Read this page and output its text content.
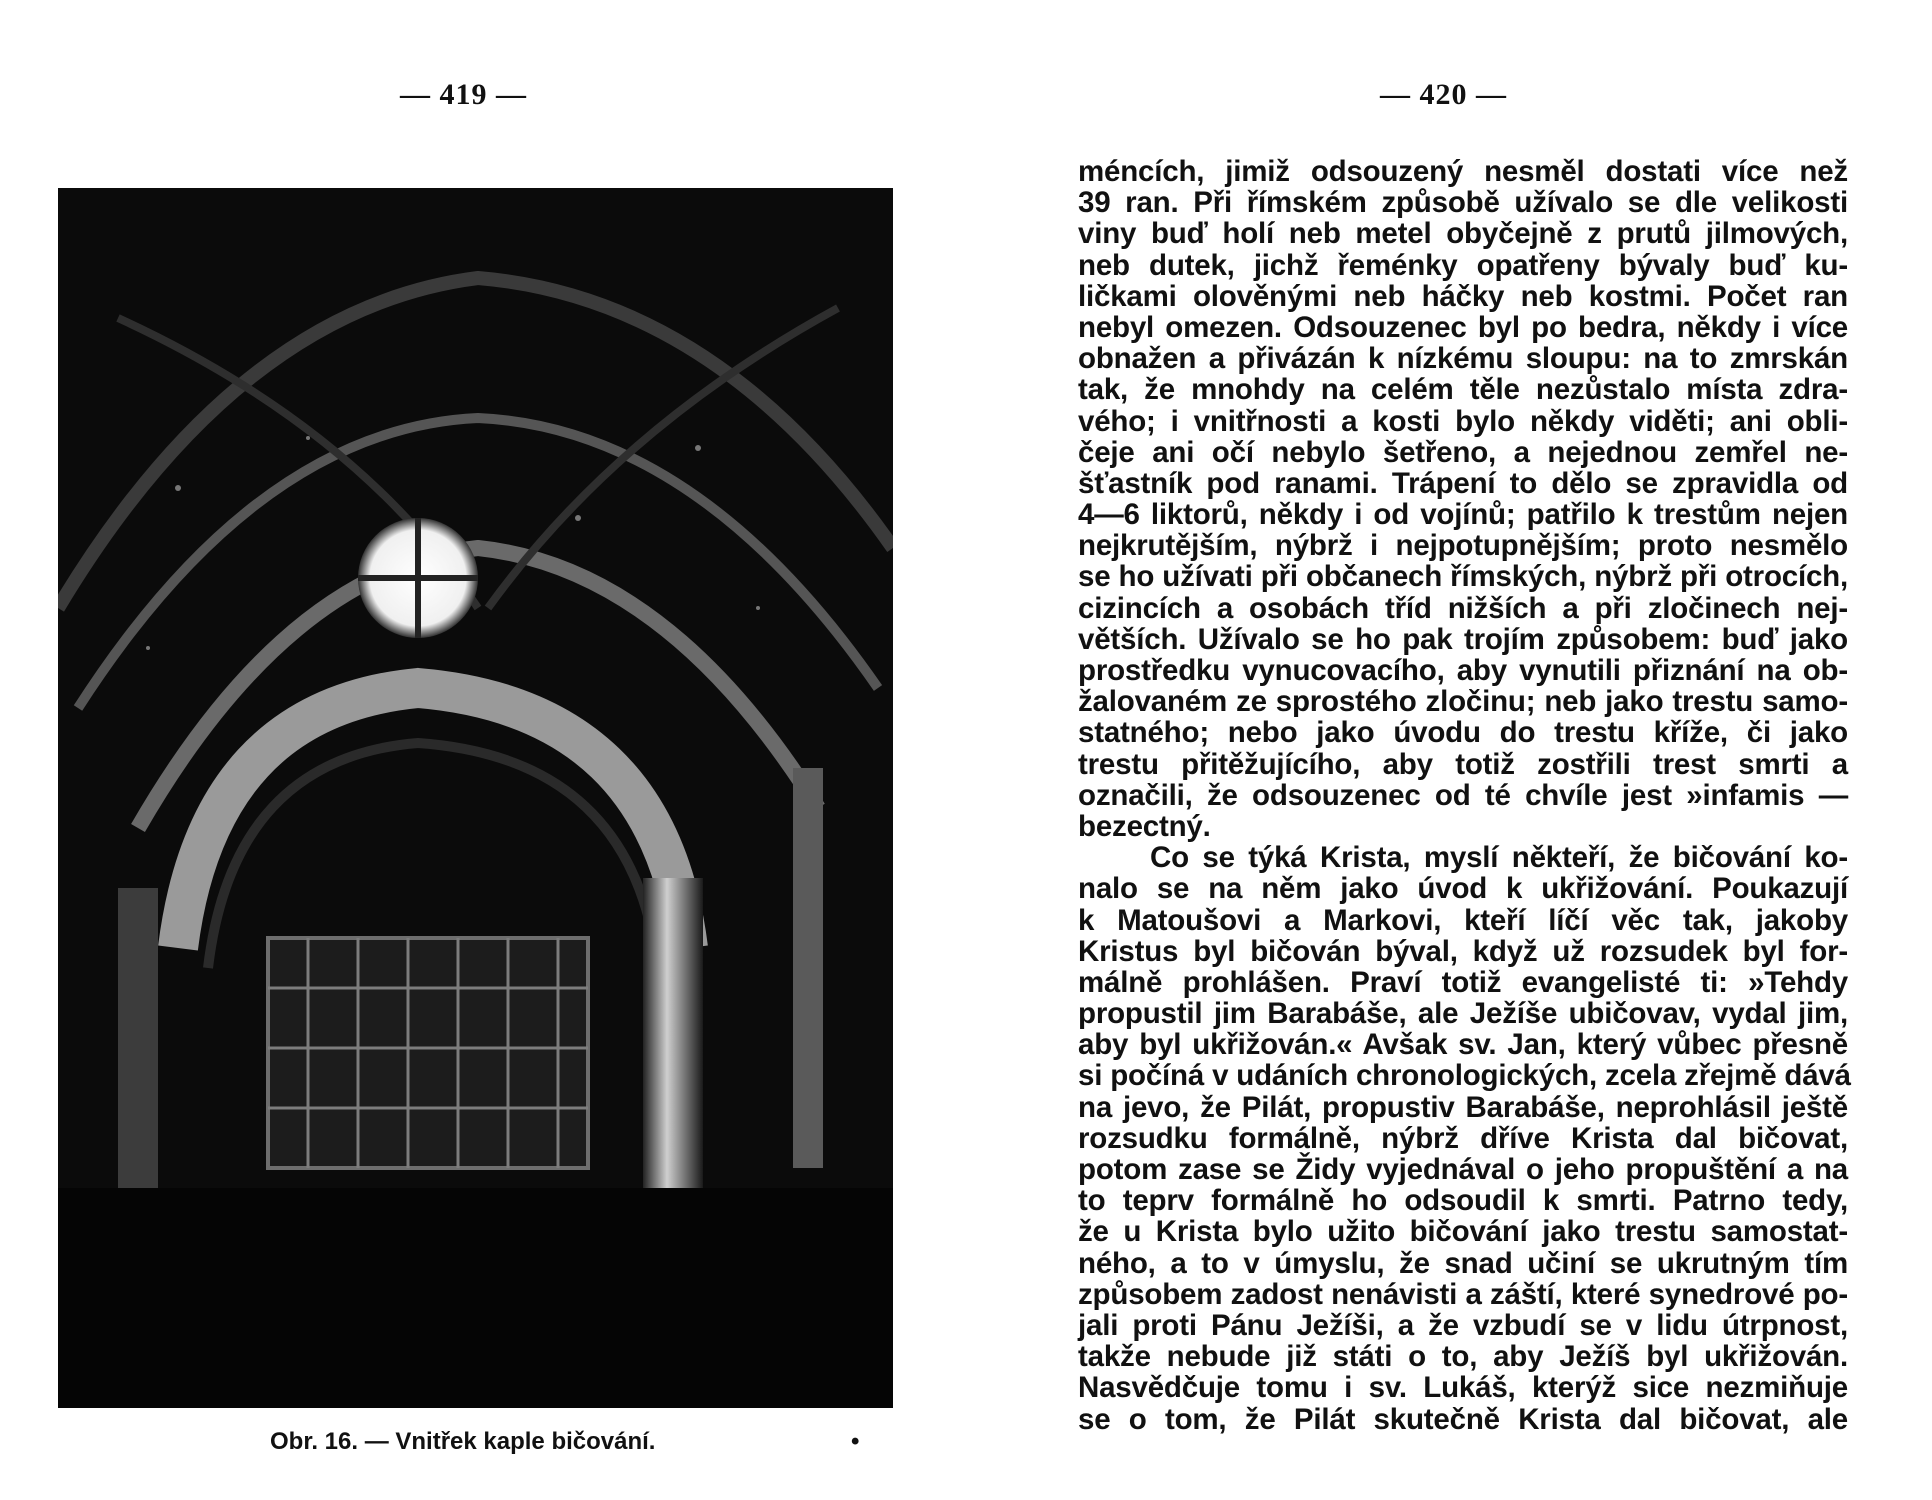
— 419 —	— 420 —
Obr. 16. — Vnitřek kaple bičování.	•
méncích, jimiž odsouzený nesměl dostati více než
39 ran. Při římském způsobě užívalo se dle velikosti
viny buď holí neb metel obyčejně z prutů jilmových,
neb dutek, jichž řeménky opatřeny bývaly buď ku-
ličkami olověnými neb háčky neb kostmi. Počet ran
nebyl omezen. Odsouzenec byl po bedra, někdy i více
obnažen a přivázán k nízkému sloupu: na to zmrskán
tak, že mnohdy na celém těle nezůstalo místa zdra-
vého; i vnitřnosti a kosti bylo někdy viděti; ani obli-
čeje ani očí nebylo šetřeno, a nejednou zemřel ne-
šťastník pod ranami. Trápení to dělo se zpravidla od
4—6 liktorů, někdy i od vojínů; patřilo k trestům nejen
nejkrutějším, nýbrž i nejpotupnějším; proto nesmělo
se ho užívati při občanech římských, nýbrž při otrocích,
cizincích a osobách tříd nižších a při zločinech nej-
větších. Užívalo se ho pak trojím způsobem: buď jako
prostředku vynucovacího, aby vynutili přiznání na ob-
žalovaném ze sprostého zločinu; neb jako trestu samo-
statného; nebo jako úvodu do trestu kříže, či jako
trestu přitěžujícího, aby totiž zostřili trest smrti a
označili, že odsouzenec od té chvíle jest »infamis —
bezectný.
Co se týká Krista, myslí někteří, že bičování ko-
nalo se na něm jako úvod k ukřižování. Poukazují
k Matoušovi a Markovi, kteří líčí věc tak, jakoby
Kristus byl bičován býval, když už rozsudek byl for-
málně prohlášen. Praví totiž evangelisté ti: »Tehdy
propustil jim Barabáše, ale Ježíše ubičovav, vydal jim,
aby byl ukřižován.« Avšak sv. Jan, který vůbec přesně
si počíná v udáních chronologických, zcela zřejmě dává
na jevo, že Pilát, propustiv Barabáše, neprohlásil ještě
rozsudku formálně, nýbrž dříve Krista dal bičovat,
potom zase se Židy vyjednával o jeho propuštění a na
to teprv formálně ho odsoudil k smrti. Patrno tedy,
že u Krista bylo užito bičování jako trestu samostat-
ného, a to v úmyslu, že snad učiní se ukrutným tím
způsobem zadost nenávisti a záští, které synedrové po-
jali proti Pánu Ježíši, a že vzbudí se v lidu útrpnost,
takže nebude již státi o to, aby Ježíš byl ukřižován.
Nasvědčuje tomu i sv. Lukáš, kterýž sice nezmiňuje
se o tom, že Pilát skutečně Krista dal bičovat, ale
